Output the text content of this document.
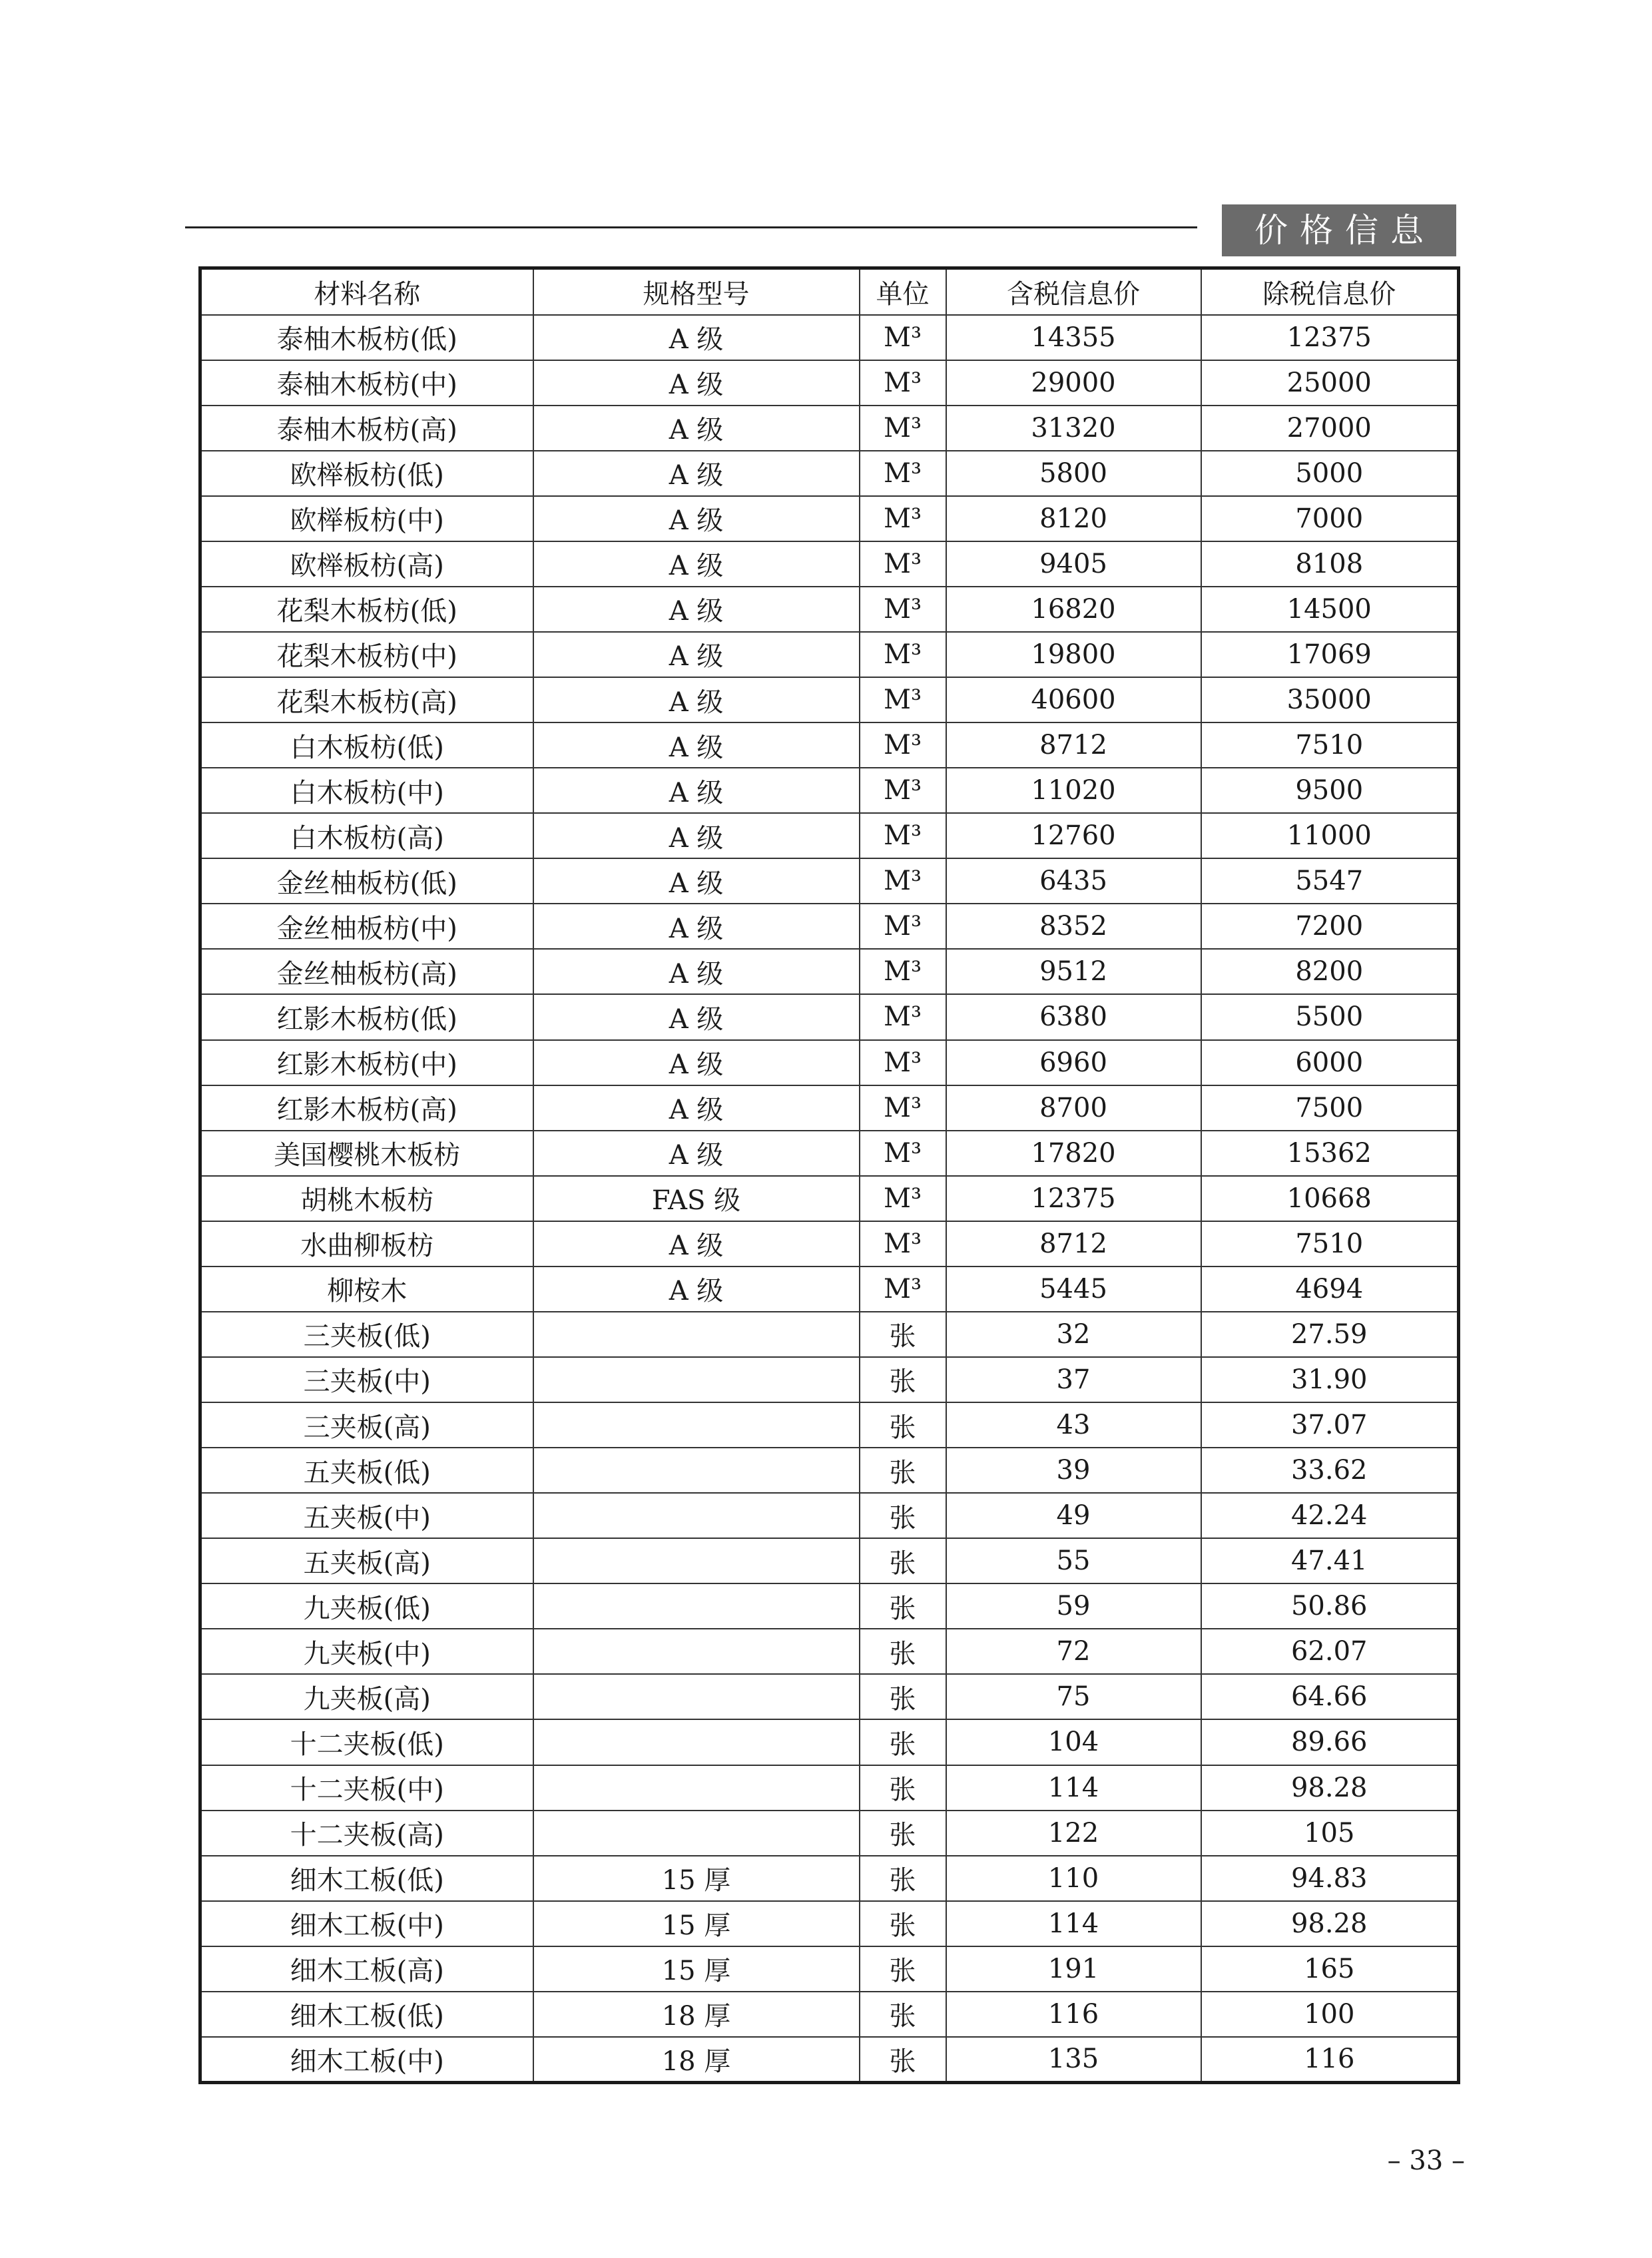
价格信息
材料名称	规格型号	单位	含税信息价	除税信息价
泰柚木板枋(低)	A 级	M³	14355	12375
泰柚木板枋(中)	A 级	M³	29000	25000
泰柚木板枋(高)	A 级	M³	31320	27000
欧榉板枋(低)	A 级	M³	5800	5000
欧榉板枋(中)	A 级	M³	8120	7000
欧榉板枋(高)	A 级	M³	9405	8108
花梨木板枋(低)	A 级	M³	16820	14500
花梨木板枋(中)	A 级	M³	19800	17069
花梨木板枋(高)	A 级	M³	40600	35000
白木板枋(低)	A 级	M³	8712	7510
白木板枋(中)	A 级	M³	11020	9500
白木板枋(高)	A 级	M³	12760	11000
金丝柚板枋(低)	A 级	M³	6435	5547
金丝柚板枋(中)	A 级	M³	8352	7200
金丝柚板枋(高)	A 级	M³	9512	8200
红影木板枋(低)	A 级	M³	6380	5500
红影木板枋(中)	A 级	M³	6960	6000
红影木板枋(高)	A 级	M³	8700	7500
美国樱桃木板枋	A 级	M³	17820	15362
胡桃木板枋	FAS 级	M³	12375	10668
水曲柳板枋	A 级	M³	8712	7510
柳桉木	A 级	M³	5445	4694
三夹板(低)		张	32	27.59
三夹板(中)		张	37	31.90
三夹板(高)		张	43	37.07
五夹板(低)		张	39	33.62
五夹板(中)		张	49	42.24
五夹板(高)		张	55	47.41
九夹板(低)		张	59	50.86
九夹板(中)		张	72	62.07
九夹板(高)		张	75	64.66
十二夹板(低)		张	104	89.66
十二夹板(中)		张	114	98.28
十二夹板(高)		张	122	105
细木工板(低)	15 厚	张	110	94.83
细木工板(中)	15 厚	张	114	98.28
细木工板(高)	15 厚	张	191	165
细木工板(低)	18 厚	张	116	100
细木工板(中)	18 厚	张	135	116
– 33 –
